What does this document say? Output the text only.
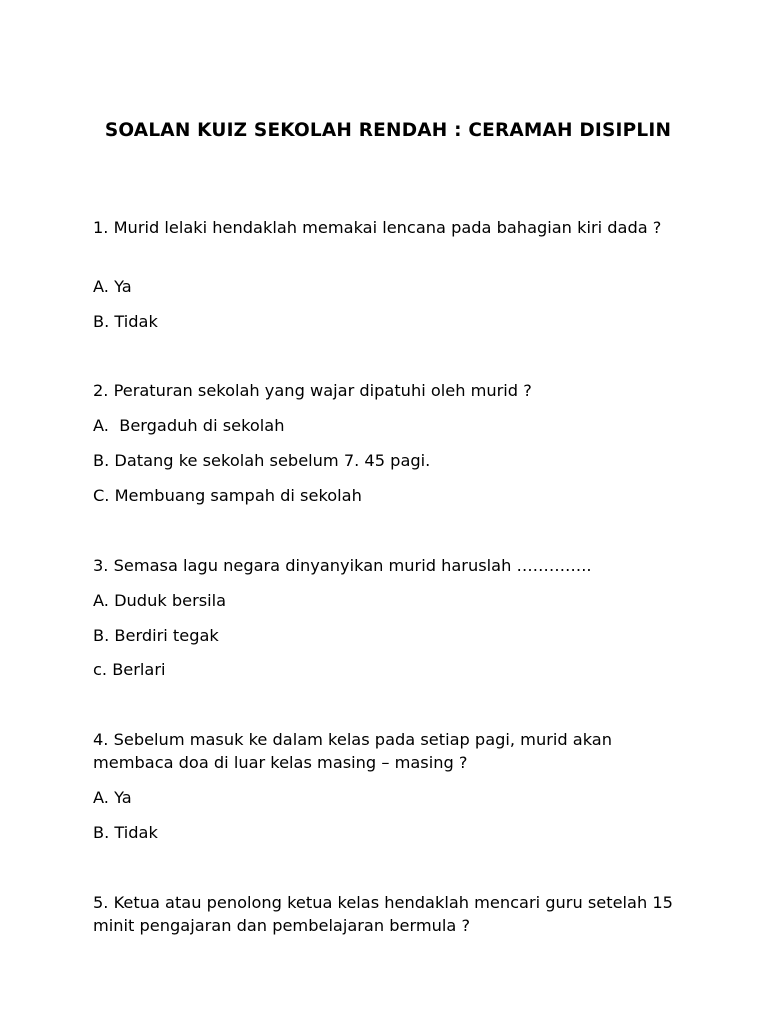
SOALAN KUIZ SEKOLAH RENDAH : CERAMAH DISIPLIN
1. Murid lelaki hendaklah memakai lencana pada bahagian kiri dada ?
A. Ya
B. Tidak
2. Peraturan sekolah yang wajar dipatuhi oleh murid ?
A.  Bergaduh di sekolah
B. Datang ke sekolah sebelum 7. 45 pagi.
C. Membuang sampah di sekolah
3. Semasa lagu negara dinyanyikan murid haruslah …………..
A. Duduk bersila
B. Berdiri tegak
c. Berlari
4. Sebelum masuk ke dalam kelas pada setiap pagi, murid akan membaca doa di luar kelas masing – masing ?
A. Ya
B. Tidak
5. Ketua atau penolong ketua kelas hendaklah mencari guru setelah 15 minit pengajaran dan pembelajaran bermula ?
